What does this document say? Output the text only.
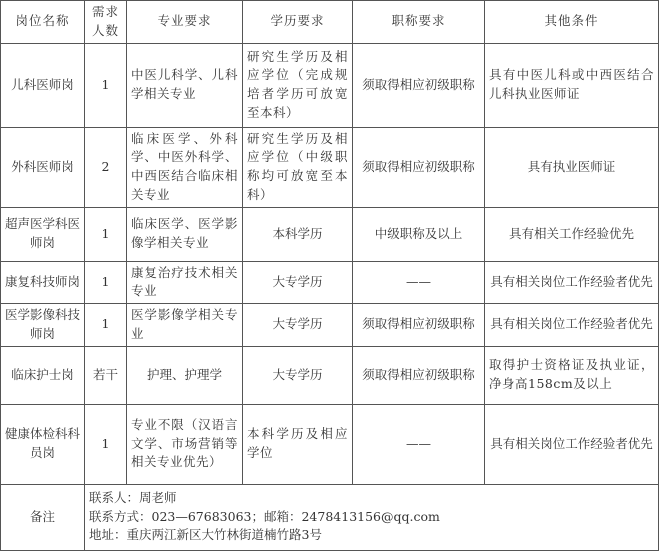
岗位名称	需求人数	专业要求	学历要求	职称要求	其他条件
儿科医师岗	1	中医儿科学、儿科学相关专业	研究生学历及相应学位（完成规培者学历可放宽至本科）	须取得相应初级职称	具有中医儿科或中西医结合儿科执业医师证
外科医师岗	2	临床医学、外科学、中医外科学、中西医结合临床相关专业	研究生学历及相应学位（中级职称均可放宽至本科）	须取得相应初级职称	具有执业医师证
超声医学科医师岗	1	临床医学、医学影像学相关专业	本科学历	中级职称及以上	具有相关工作经验优先
康复科技师岗	1	康复治疗技术相关专业	大专学历	——	具有相关岗位工作经验者优先
医学影像科技师岗	1	医学影像学相关专业	大专学历	须取得相应初级职称	具有相关岗位工作经验者优先
临床护士岗	若干	护理、护理学	大专学历	须取得相应初级职称	取得护士资格证及执业证，净身高158cm及以上
健康体检科科员岗	1	专业不限（汉语言文学、市场营销等相关专业优先）	本科学历及相应学位	——	具有相关岗位工作经验者优先
备注	联系人：周老师
联系方式：023—67683063；邮箱：2478413156@qq.com
地址：重庆两江新区大竹林街道楠竹路3号				
